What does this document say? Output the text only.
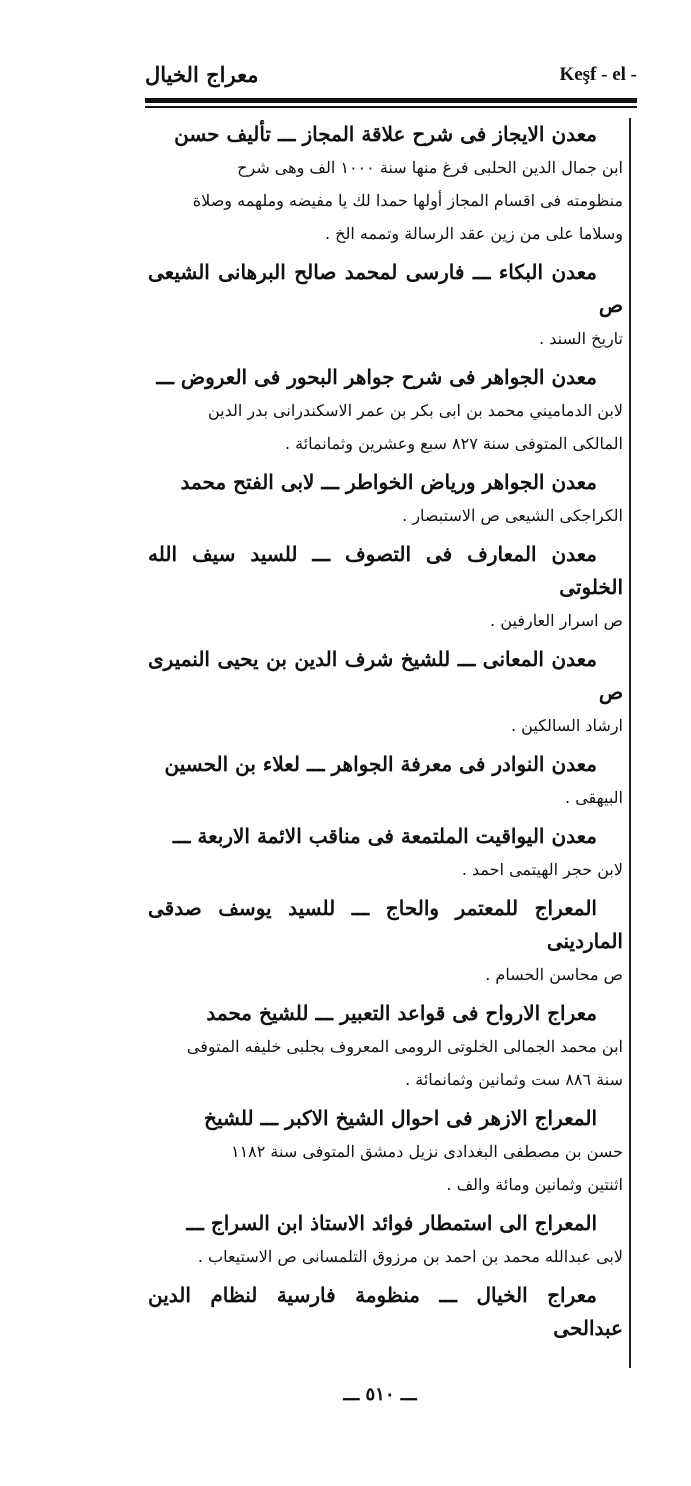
معراج الخيال	Keşf - el -

معدن الايجاز فى شرح علاقة المجاز ـــ تأليف حسن

ابن جمال الدين الحلبى فرغ منها سنة ١٠٠٠ الف وهى شرح

منظومته فى اقسام المجاز أولها حمدا لك يا مفيضه وملهمه وصلاة

وسلاما على من زين عقد الرسالة وتممه الخ .

معدن البكاء ـــ فارسى لمحمد صالح البرهانى الشيعى ص

تاريخ السند .

معدن الجواهر فى شرح جواهر البحور فى العروض ـــ

لابن الدماميني محمد بن ابى بكر بن عمر الاسكندرانى بدر الدين

المالكى المتوفى سنة ٨٢٧ سبع وعشرين وثمانمائة .

معدن الجواهر ورياض الخواطر ـــ لابى الفتح محمد

الكراجكى الشيعى ص الاستبصار .

معدن المعارف فى التصوف ـــ للسيد سيف الله الخلوتى

ص اسرار العارفين .

معدن المعانى ـــ للشيخ شرف الدين بن يحيى النميرى ص

ارشاد السالكين .

معدن النوادر فى معرفة الجواهر ـــ لعلاء بن الحسين

البيهقى .

معدن اليواقيت الملتمعة فى مناقب الائمة الاربعة ـــ

لابن حجر الهيتمى احمد .

المعراج للمعتمر والحاج ـــ للسيد يوسف صدقى الماردينى

ص محاسن الحسام .

معراج الارواح فى قواعد التعبير ـــ للشيخ محمد

ابن محمد الجمالى الخلوتى الرومى المعروف بجلبى خليفه المتوفى

سنة ٨٨٦ ست وثمانين وثمانمائة .

المعراج الازهر فى احوال الشيخ الاكبر ـــ للشيخ

حسن بن مصطفى البغدادى نزيل دمشق المتوفى سنة ١١٨٢

اثنتين وثمانين ومائة والف .

المعراج الى استمطار فوائد الاستاذ ابن السراج ـــ

لابى عبدالله محمد بن احمد بن مرزوق التلمسانى ص الاستيعاب .

معراج الخيال ـــ منظومة فارسية لنظام الدين عبدالحى

ـــ ٥١٠ ـــ
